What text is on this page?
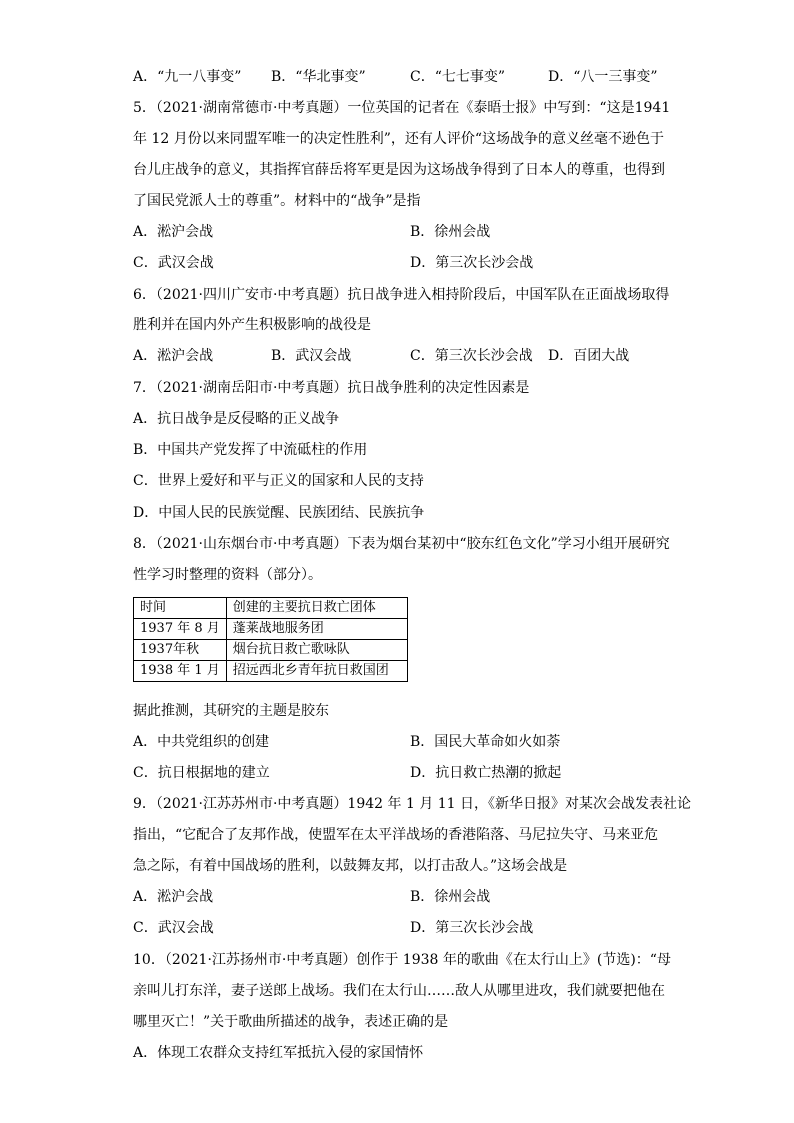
A．“九一八事变” B．“华北事变”	C．“七七事变”	D．“八一三事变”
5．（2021·湖南常德市·中考真题）一位英国的记者在《泰晤士报》中写到：“这是1941
年 12 月份以来同盟军唯一的决定性胜利”，还有人评价“这场战争的意义丝毫不逊色于
台儿庄战争的意义，其指挥官薛岳将军更是因为这场战争得到了日本人的尊重，也得到
了国民党派人士的尊重”。材料中的“战争”是指
A．淞沪会战	B．徐州会战
C．武汉会战	D．第三次长沙会战
6．（2021·四川广安市·中考真题）抗日战争进入相持阶段后，中国军队在正面战场取得
胜利并在国内外产生积极影响的战役是
A．淞沪会战	B．武汉会战	C．第三次长沙会战 D．百团大战
7．（2021·湖南岳阳市·中考真题）抗日战争胜利的决定性因素是
A．抗日战争是反侵略的正义战争
B．中国共产党发挥了中流砥柱的作用
C．世界上爱好和平与正义的国家和人民的支持
D．中国人民的民族觉醒、民族团结、民族抗争
8．（2021·山东烟台市·中考真题）下表为烟台某初中“胶东红色文化”学习小组开展研究
性学习时整理的资料（部分）。
时间	创建的主要抗日救亡团体
1937 年 8 月	蓬莱战地服务团
1937年秋	烟台抗日救亡歌咏队
1938 年 1 月	招远西北乡青年抗日救国团
据此推测，其研究的主题是胶东
A．中共党组织的创建	B．国民大革命如火如荼
C．抗日根据地的建立	D．抗日救亡热潮的掀起
9．（2021·江苏苏州市·中考真题）1942 年 1 月 11 日，《新华日报》对某次会战发表社论
指出，“它配合了友邦作战，使盟军在太平洋战场的香港陷落、马尼拉失守、马来亚危
急之际，有着中国战场的胜利，以鼓舞友邦，以打击敌人。”这场会战是
A．淞沪会战	B．徐州会战
C．武汉会战	D．第三次长沙会战
10．（2021·江苏扬州市·中考真题）创作于 1938 年的歌曲《在太行山上》(节选)：“母
亲叫儿打东洋，妻子送郎上战场。我们在太行山……敌人从哪里进攻，我们就要把他在
哪里灭亡！”关于歌曲所描述的战争，表述正确的是
A．体现工农群众支持红军抵抗入侵的家国情怀
